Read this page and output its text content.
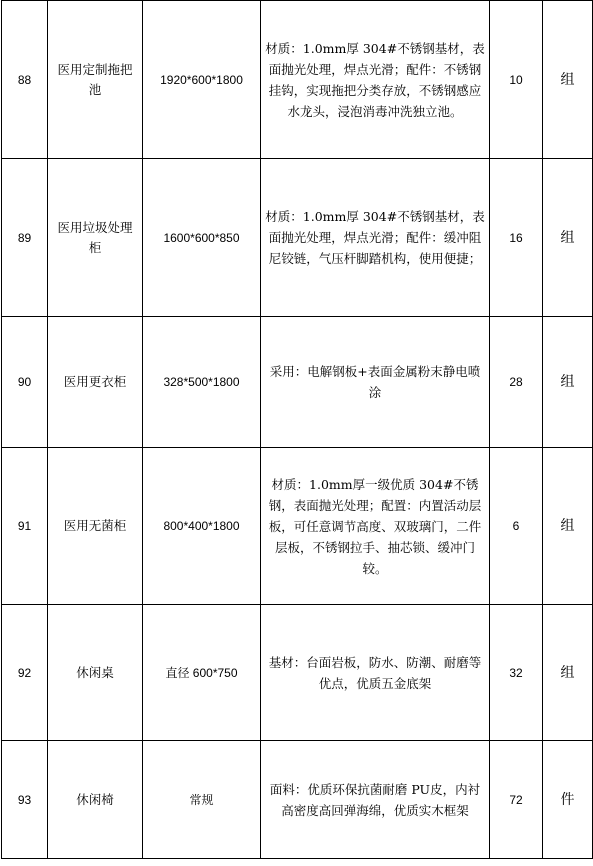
88	医用定制拖把池	1920*600*1800	材质：1.0mm厚 304#不锈钢基材，表面抛光处理，焊点光滑；配件：不锈钢挂钩，实现拖把分类存放，不锈钢感应水龙头，浸泡消毒冲洗独立池。	10	组
89	医用垃圾处理柜	1600*600*850	材质：1.0mm厚 304#不锈钢基材，表面抛光处理，焊点光滑；配件：缓冲阻尼铰链，气压杆脚踏机构，使用便捷；	16	组
90	医用更衣柜	328*500*1800	采用：电解钢板+表面金属粉末静电喷涂	28	组
91	医用无菌柜	800*400*1800	材质：1.0mm厚一级优质 304#不锈钢，表面抛光处理；配置：内置活动层板，可任意调节高度、双玻璃门，二件层板，不锈钢拉手、抽芯锁、缓冲门较。	6	组
92	休闲桌	直径 600*750	基材：台面岩板，防水、防潮、耐磨等优点，优质五金底架	32	组
93	休闲椅	常规	面料：优质环保抗菌耐磨 PU皮，内衬高密度高回弹海绵，优质实木框架	72	件
